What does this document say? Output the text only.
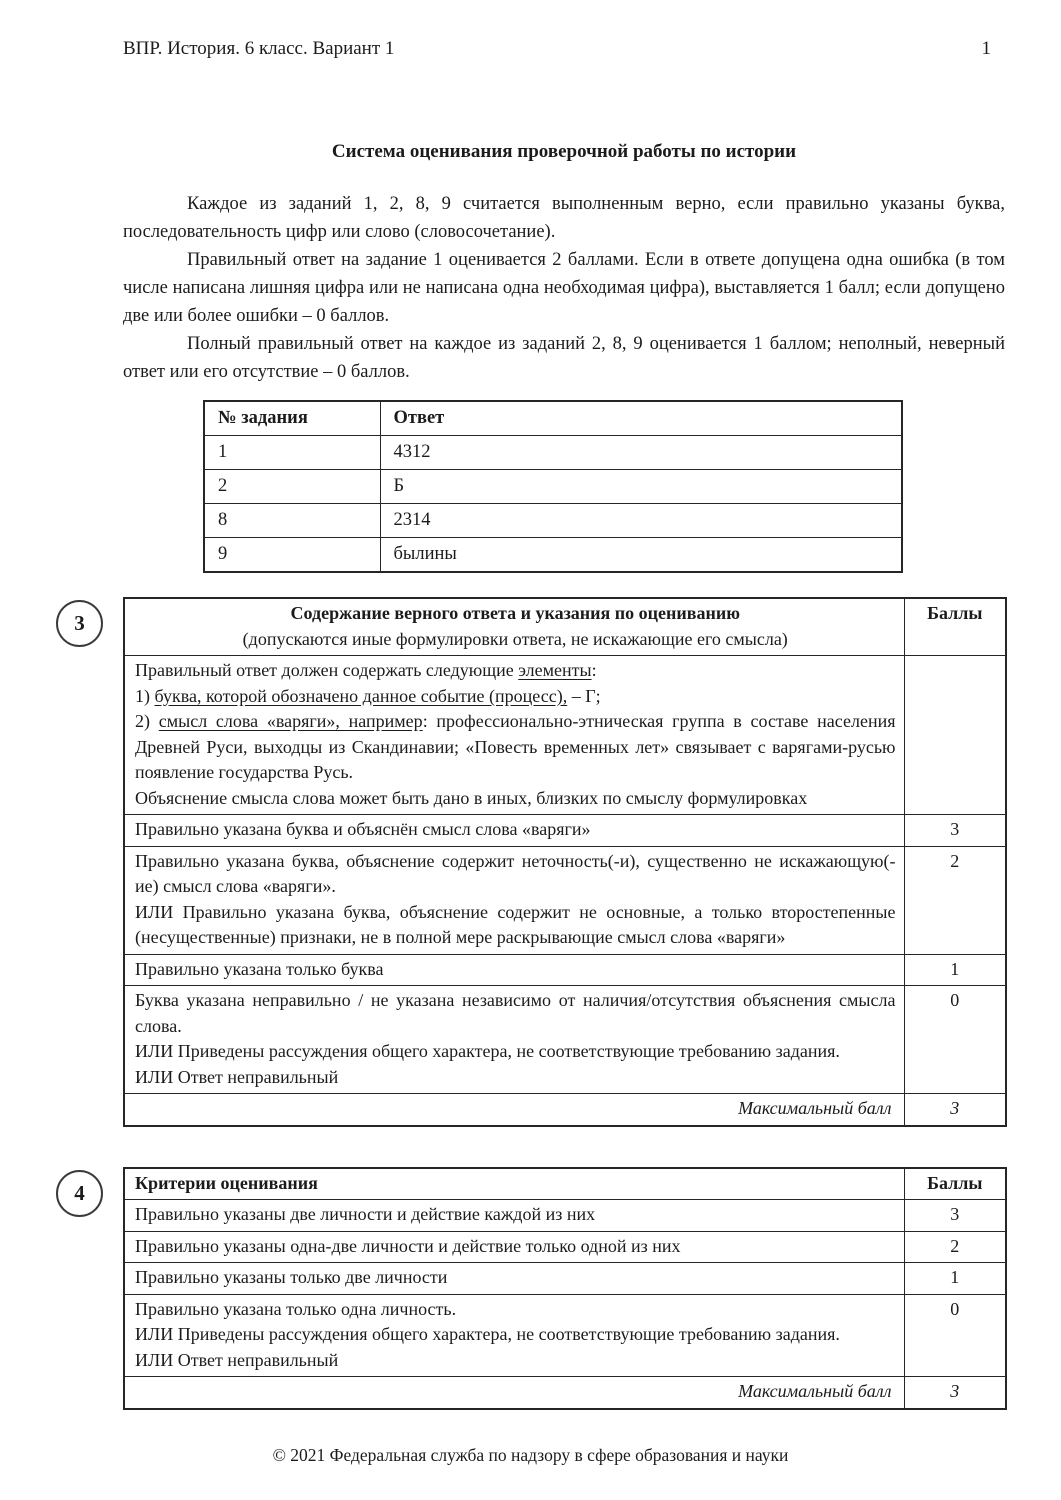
ВПР. История. 6 класс. Вариант 1	1
Система оценивания проверочной работы по истории

Каждое из заданий 1, 2, 8, 9 считается выполненным верно, если правильно указаны буква, последовательность цифр или слово (словосочетание).

Правильный ответ на задание 1 оценивается 2 баллами. Если в ответе допущена одна ошибка (в том числе написана лишняя цифра или не написана одна необходимая цифра), выставляется 1 балл; если допущено две или более ошибки – 0 баллов.

Полный правильный ответ на каждое из заданий 2, 8, 9 оценивается 1 баллом; неполный, неверный ответ или его отсутствие – 0 баллов.

№ задания	Ответ
1	4312
2	Б
8	2314
9	былины
3	Содержание верного ответа и указания по оцениванию
(допускаются иные формулировки ответа, не искажающие его смысла)	Баллы

Правильный ответ должен содержать следующие элементы:

1) буква, которой обозначено данное событие (процесс), – Г;

2) смысл слова «варяги», например: профессионально-этническая группа в составе населения Древней Руси, выходцы из Скандинавии; «Повесть временных лет» связывает с варягами-русью появление государства Русь.

Объяснение смысла слова может быть дано в иных, близких по смыслу формулировках	

Правильно указана буква и объяснён смысл слова «варяги»	3

Правильно указана буква, объяснение содержит неточность(-и), существенно не искажающую(-ие) смысл слова «варяги».

ИЛИ Правильно указана буква, объяснение содержит не основные, а только второстепенные (несущественные) признаки, не в полной мере раскрывающие смысл слова «варяги»	2
Правильно указана только буква	1

Буква указана неправильно / не указана независимо от наличия/отсутствия объяснения смысла слова.

ИЛИ Приведены рассуждения общего характера, не соответствующие требованию задания.

ИЛИ Ответ неправильный	0
Максимальный балл	3
4	Критерии оценивания	Баллы
Правильно указаны две личности и действие каждой из них	3
Правильно указаны одна-две личности и действие только одной из них	2
Правильно указаны только две личности	1

Правильно указана только одна личность.

ИЛИ Приведены рассуждения общего характера, не соответствующие требованию задания.

ИЛИ Ответ неправильный	0
Максимальный балл	3
© 2021 Федеральная служба по надзору в сфере образования и науки
